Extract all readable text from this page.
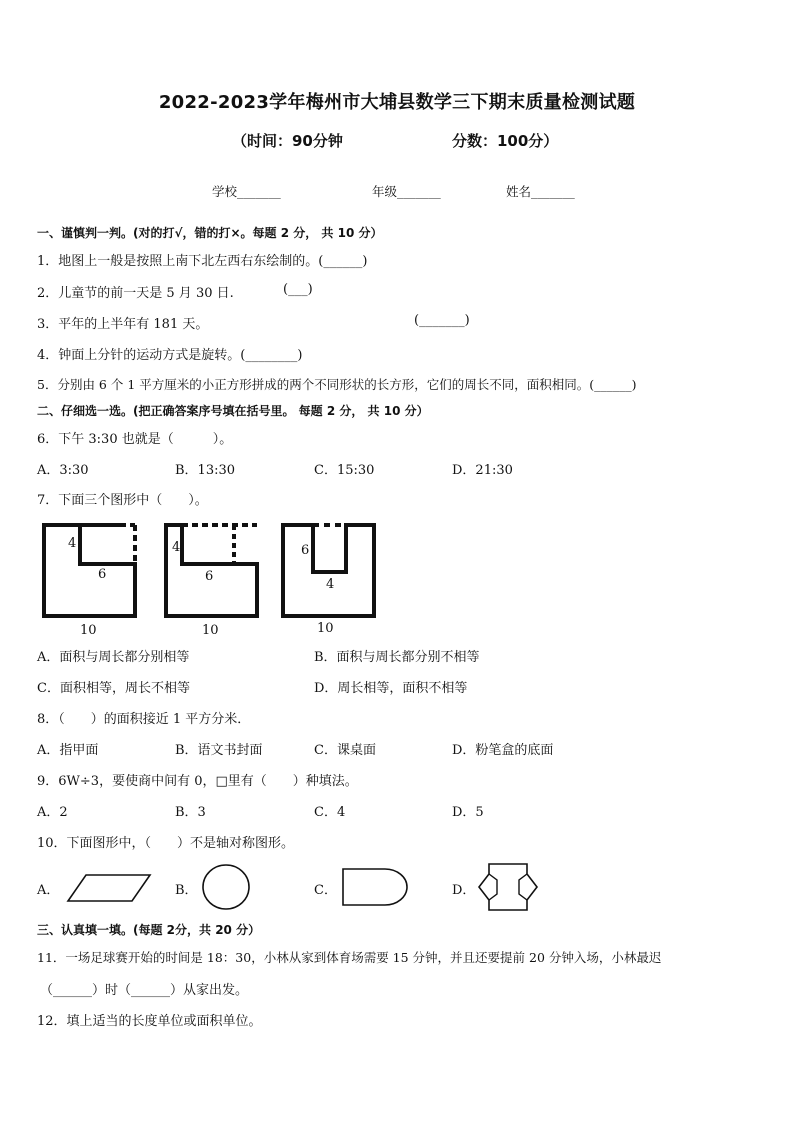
2022-2023学年梅州市大埔县数学三下期末质量检测试题
（时间：90分钟	分数：100分）
学校_______	年级_______	姓名_______
一、谨慎判一判。(对的打√，错的打×。每题 2 分， 共 10 分）
1．地图上一般是按照上南下北左西右东绘制的。(______)
2．儿童节的前一天是 5 月 30 日.	(___)
3．平年的上半年有 181 天。	(_______)
4．钟面上分针的运动方式是旋转。(________)
5．分别由 6 个 1 平方厘米的小正方形拼成的两个不同形状的长方形，它们的周长不同，面积相同。(______)
二、仔细选一选。(把正确答案序号填在括号里。 每题 2 分， 共 10 分）
6．下午 3:30 也就是（　　　）。
A．3:30	B．13:30	C．15:30	D．21:30
7．下面三个图形中（　　）。
4
6
10
4
6
10
6
4
10
A．面积与周长都分别相等	B．面积与周长都分别不相等
C．面积相等，周长不相等	D．周长相等，面积不相等
8．（　　）的面积接近 1 平方分米．
A．指甲面	B．语文书封面	C．课桌面	D．粉笔盒的底面
9．6W÷3，要使商中间有 0，□里有（　　）种填法。
A．2	B．3	C．4	D．5
10．下面图形中，（　　）不是轴对称图形。
A．	B．	C．	D．
三、认真填一填。(每题 2分，共 20 分）
11．一场足球赛开始的时间是 18：30，小林从家到体育场需要 15 分钟，并且还要提前 20 分钟入场，小林最迟
（______）时（______）从家出发。
12．填上适当的长度单位或面积单位。
